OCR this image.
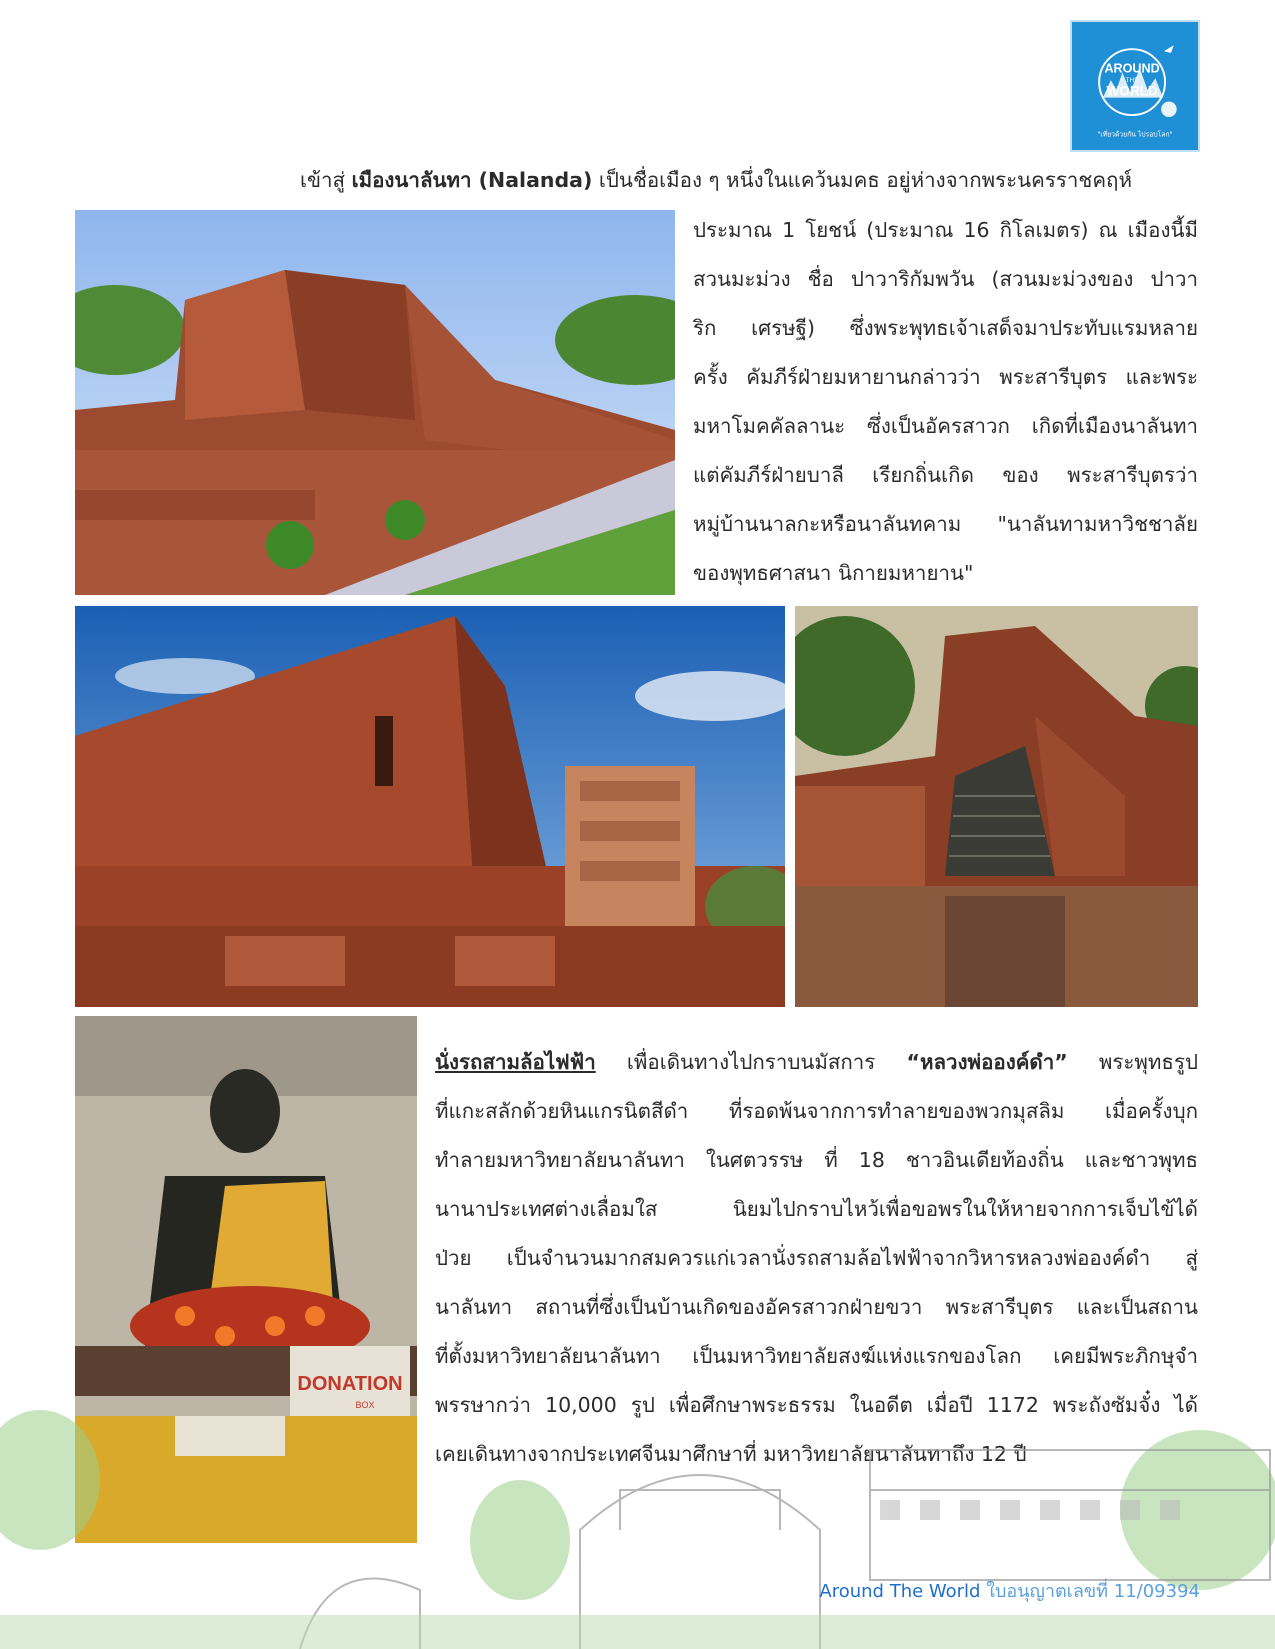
AROUND
THE
WORLD
"เที่ยวด้วยกัน ไปรอบโลก"
เข้าสู่ เมืองนาลันทา (Nalanda) เป็นชื่อเมือง ๆ หนึ่งในแคว้นมคธ อยู่ห่างจากพระนครราชคฤห์
ประมาณ 1 โยชน์ (ประมาณ 16 กิโลเมตร) ณ เมืองนี้มี
สวนมะม่วง ชื่อ ปาวาริกัมพวัน (สวนมะม่วงของ ปาวา
ริก เศรษฐี) ซึ่งพระพุทธเจ้าเสด็จมาประทับแรมหลาย
ครั้ง คัมภีร์ฝ่ายมหายานกล่าวว่า พระสารีบุตร และพระ
มหาโมคคัลลานะ ซึ่งเป็นอัครสาวก เกิดที่เมืองนาลันทา
แต่คัมภีร์ฝ่ายบาลี เรียกถิ่นเกิด ของ พระสารีบุตรว่า
หมู่บ้านนาลกะหรือนาลันทคาม "นาลันทามหาวิชชาลัย
ของพุทธศาสนา นิกายมหายาน"
DONATION
BOX
นั่งรถสามล้อไฟฟ้า เพื่อเดินทางไปกราบนมัสการ “หลวงพ่อองค์ดำ” พระพุทธรูป
ที่แกะสลักด้วยหินแกรนิตสีดำ ที่รอดพ้นจากการทำลายของพวกมุสลิม เมื่อครั้งบุก
ทำลายมหาวิทยาลัยนาลันทา ในศตวรรษ ที่ 18 ชาวอินเดียท้องถิ่น และชาวพุทธ
นานาประเทศต่างเลื่อมใส นิยมไปกราบไหว้เพื่อขอพรในให้หายจากการเจ็บไข้ได้
ป่วย เป็นจำนวนมากสมควรแก่เวลานั่งรถสามล้อไฟฟ้าจากวิหารหลวงพ่อองค์ดำ สู่
นาลันทา สถานที่ซึ่งเป็นบ้านเกิดของอัครสาวกฝ่ายขวา พระสารีบุตร และเป็นสถาน
ที่ตั้งมหาวิทยาลัยนาลันทา เป็นมหาวิทยาลัยสงฆ์แห่งแรกของโลก เคยมีพระภิกษุจำ
พรรษากว่า 10,000 รูป เพื่อศึกษาพระธรรม ในอดีต เมื่อปี 1172 พระถังซัมจั๋ง ได้
เคยเดินทางจากประเทศจีนมาศึกษาที่ มหาวิทยาลัยนาลันทาถึง 12 ปี
Around The World ใบอนุญาตเลขที่ 11/09394
